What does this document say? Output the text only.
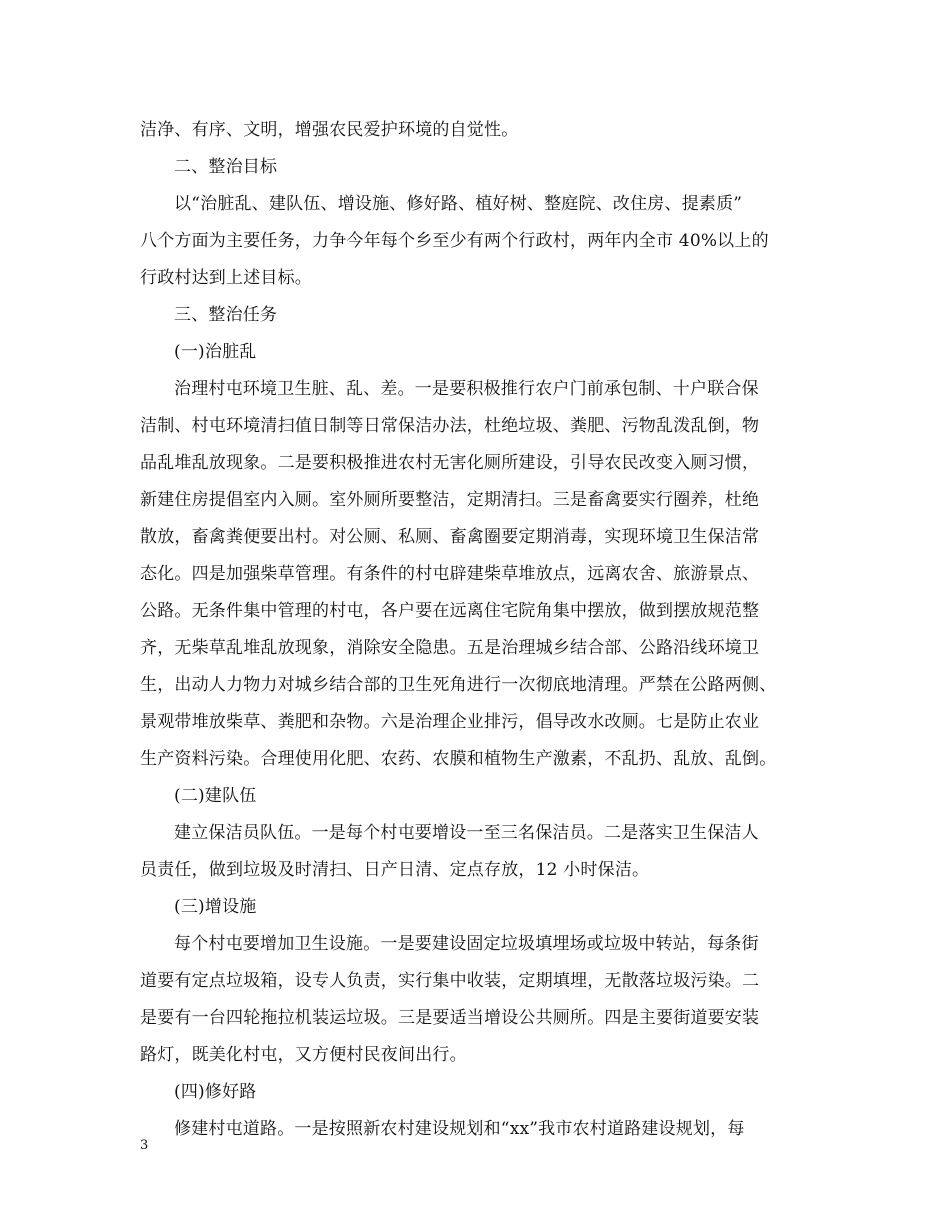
洁净、有序、文明，增强农民爱护环境的自觉性。
二、整治目标
以“治脏乱、建队伍、增设施、修好路、植好树、整庭院、改住房、提素质”
八个方面为主要任务，力争今年每个乡至少有两个行政村，两年内全市 40%以上的
行政村达到上述目标。
三、整治任务
(一)治脏乱
治理村屯环境卫生脏、乱、差。一是要积极推行农户门前承包制、十户联合保
洁制、村屯环境清扫值日制等日常保洁办法，杜绝垃圾、粪肥、污物乱泼乱倒，物
品乱堆乱放现象。二是要积极推进农村无害化厕所建设，引导农民改变入厕习惯，
新建住房提倡室内入厕。室外厕所要整洁，定期清扫。三是畜禽要实行圈养，杜绝
散放，畜禽粪便要出村。对公厕、私厕、畜禽圈要定期消毒，实现环境卫生保洁常
态化。四是加强柴草管理。有条件的村屯辟建柴草堆放点，远离农舍、旅游景点、
公路。无条件集中管理的村屯，各户要在远离住宅院角集中摆放，做到摆放规范整
齐，无柴草乱堆乱放现象，消除安全隐患。五是治理城乡结合部、公路沿线环境卫
生，出动人力物力对城乡结合部的卫生死角进行一次彻底地清理。严禁在公路两侧、
景观带堆放柴草、粪肥和杂物。六是治理企业排污，倡导改水改厕。七是防止农业
生产资料污染。合理使用化肥、农药、农膜和植物生产激素，不乱扔、乱放、乱倒。
(二)建队伍
建立保洁员队伍。一是每个村屯要增设一至三名保洁员。二是落实卫生保洁人
员责任，做到垃圾及时清扫、日产日清、定点存放，12 小时保洁。
(三)增设施
每个村屯要增加卫生设施。一是要建设固定垃圾填埋场或垃圾中转站，每条街
道要有定点垃圾箱，设专人负责，实行集中收装，定期填埋，无散落垃圾污染。二
是要有一台四轮拖拉机装运垃圾。三是要适当增设公共厕所。四是主要街道要安装
路灯，既美化村屯，又方便村民夜间出行。
(四)修好路
修建村屯道路。一是按照新农村建设规划和“xx”我市农村道路建设规划，每
3
